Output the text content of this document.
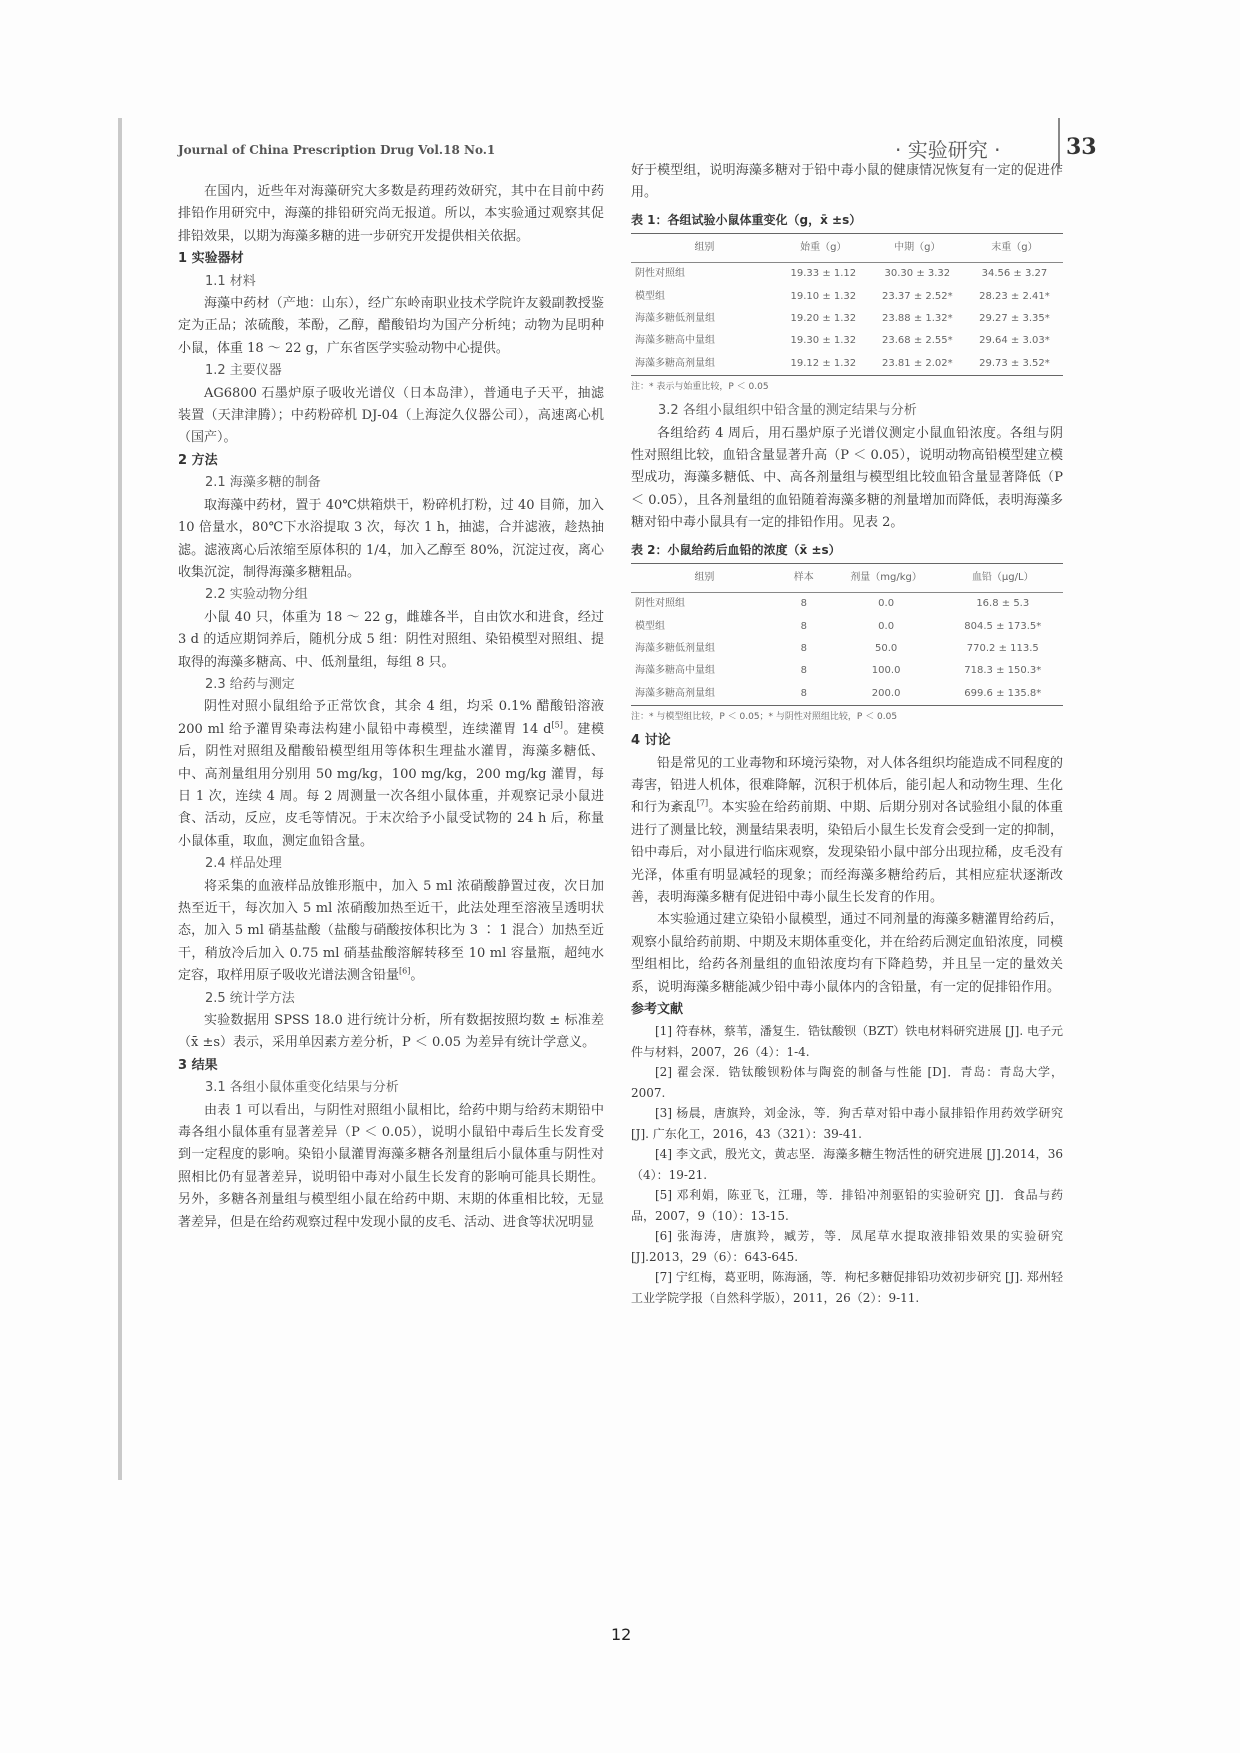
Journal of China Prescription Drug Vol.18 No.1	· 实验研究 ·	33

在国内，近些年对海藻研究大多数是药理药效研究，其中在目前中药排铅作用研究中，海藻的排铅研究尚无报道。所以，本实验通过观察其促排铅效果，以期为海藻多糖的进一步研究开发提供相关依据。

1 实验器材
1.1 材料

海藻中药材（产地：山东），经广东岭南职业技术学院许友毅副教授鉴定为正品；浓硫酸，苯酚，乙醇，醋酸铅均为国产分析纯；动物为昆明种小鼠，体重 18 ～ 22 g，广东省医学实验动物中心提供。

1.2 主要仪器

AG6800 石墨炉原子吸收光谱仪（日本岛津），普通电子天平，抽滤装置（天津津腾）；中药粉碎机 DJ-04（上海淀久仪器公司），高速离心机（国产）。

2 方法
2.1 海藻多糖的制备

取海藻中药材，置于 40℃烘箱烘干，粉碎机打粉，过 40 目筛，加入 10 倍量水，80℃下水浴提取 3 次，每次 1 h，抽滤，合并滤液，趁热抽滤。滤液离心后浓缩至原体积的 1/4，加入乙醇至 80%，沉淀过夜，离心收集沉淀，制得海藻多糖粗品。

2.2 实验动物分组

小鼠 40 只，体重为 18 ～ 22 g，雌雄各半，自由饮水和进食，经过 3 d 的适应期饲养后，随机分成 5 组：阴性对照组、染铅模型对照组、提取得的海藻多糖高、中、低剂量组，每组 8 只。

2.3 给药与测定

阴性对照小鼠组给予正常饮食，其余 4 组，均采 0.1% 醋酸铅溶液 200 ml 给予灌胃染毒法构建小鼠铅中毒模型，连续灌胃 14 d[5]。建模后，阴性对照组及醋酸铅模型组用等体积生理盐水灌胃，海藻多糖低、中、高剂量组用分别用 50 mg/kg，100 mg/kg，200 mg/kg 灌胃，每日 1 次，连续 4 周。每 2 周测量一次各组小鼠体重，并观察记录小鼠进食、活动，反应，皮毛等情况。于末次给予小鼠受试物的 24 h 后，称量小鼠体重，取血，测定血铅含量。

2.4 样品处理

将采集的血液样品放锥形瓶中，加入 5 ml 浓硝酸静置过夜，次日加热至近干，每次加入 5 ml 浓硝酸加热至近干，此法处理至溶液呈透明状态，加入 5 ml 硝基盐酸（盐酸与硝酸按体积比为 3 ∶ 1 混合）加热至近干，稍放冷后加入 0.75 ml 硝基盐酸溶解转移至 10 ml 容量瓶，超纯水定容，取样用原子吸收光谱法测含铅量[6]。

2.5 统计学方法

实验数据用 SPSS 18.0 进行统计分析，所有数据按照均数 ± 标准差（x̄ ±s）表示，采用单因素方差分析，P ＜ 0.05 为差异有统计学意义。

3 结果
3.1 各组小鼠体重变化结果与分析

由表 1 可以看出，与阴性对照组小鼠相比，给药中期与给药末期铅中毒各组小鼠体重有显著差异（P ＜ 0.05），说明小鼠铅中毒后生长发育受到一定程度的影响。染铅小鼠灌胃海藻多糖各剂量组后小鼠体重与阴性对照相比仍有显著差异，说明铅中毒对小鼠生长发育的影响可能具长期性。另外，多糖各剂量组与模型组小鼠在给药中期、末期的体重相比较，无显著差异，但是在给药观察过程中发现小鼠的皮毛、活动、进食等状况明显

好于模型组，说明海藻多糖对于铅中毒小鼠的健康情况恢复有一定的促进作用。

表 1：各组试验小鼠体重变化（g，x̄ ±s）
组别	始重（g）	中期（g）	末重（g）
阴性对照组	19.33 ± 1.12	30.30 ± 3.32	34.56 ± 3.27
模型组	19.10 ± 1.32	23.37 ± 2.52*	28.23 ± 2.41*
海藻多糖低剂量组	19.20 ± 1.32	23.88 ± 1.32*	29.27 ± 3.35*
海藻多糖高中量组	19.30 ± 1.32	23.68 ± 2.55*	29.64 ± 3.03*
海藻多糖高剂量组	19.12 ± 1.32	23.81 ± 2.02*	29.73 ± 3.52*
注：* 表示与始重比较，P ＜ 0.05
3.2 各组小鼠组织中铅含量的测定结果与分析

各组给药 4 周后，用石墨炉原子光谱仪测定小鼠血铅浓度。各组与阴性对照组比较，血铅含量显著升高（P ＜ 0.05），说明动物高铅模型建立模型成功，海藻多糖低、中、高各剂量组与模型组比较血铅含量显著降低（P ＜ 0.05），且各剂量组的血铅随着海藻多糖的剂量增加而降低，表明海藻多糖对铅中毒小鼠具有一定的排铅作用。见表 2。

表 2：小鼠给药后血铅的浓度（x̄ ±s）
组别	样本	剂量（mg/kg）	血铅（μg/L）
阴性对照组	8	0.0	16.8 ± 5.3
模型组	8	0.0	804.5 ± 173.5*
海藻多糖低剂量组	8	50.0	770.2 ± 113.5
海藻多糖高中量组	8	100.0	718.3 ± 150.3*
海藻多糖高剂量组	8	200.0	699.6 ± 135.8*
注：* 与模型组比较，P ＜ 0.05；* 与阴性对照组比较，P ＜ 0.05
4 讨论

铅是常见的工业毒物和环境污染物，对人体各组织均能造成不同程度的毒害，铅进人机体，很难降解，沉积于机体后，能引起人和动物生理、生化和行为紊乱[7]。本实验在给药前期、中期、后期分别对各试验组小鼠的体重进行了测量比较，测量结果表明，染铅后小鼠生长发育会受到一定的抑制，铅中毒后，对小鼠进行临床观察，发现染铅小鼠中部分出现拉稀，皮毛没有光泽，体重有明显减轻的现象；而经海藻多糖给药后，其相应症状逐渐改善，表明海藻多糖有促进铅中毒小鼠生长发育的作用。

本实验通过建立染铅小鼠模型，通过不同剂量的海藻多糖灌胃给药后，观察小鼠给药前期、中期及末期体重变化，并在给药后测定血铅浓度，同模型组相比，给药各剂量组的血铅浓度均有下降趋势，并且呈一定的量效关系，说明海藻多糖能减少铅中毒小鼠体内的含铅量，有一定的促排铅作用。

参考文献

[1] 符春林，蔡苇，潘复生．锆钛酸钡（BZT）铁电材料研究进展 [J]. 电子元件与材料，2007，26（4）：1-4.

[2] 翟会深．锆钛酸钡粉体与陶瓷的制备与性能 [D]．青岛：青岛大学，2007.

[3] 杨晨，唐旗羚，刘金泳，等．狗舌草对铅中毒小鼠排铅作用药效学研究 [J]. 广东化工，2016，43（321）：39-41.

[4] 李文武，殷光文，黄志坚．海藻多糖生物活性的研究进展 [J].2014，36（4）：19-21.

[5] 邓利娟，陈亚飞，江珊，等．排铅冲剂驱铅的实验研究 [J]．食品与药品，2007，9（10）：13-15.

[6] 张海涛，唐旗羚，臧芳，等．凤尾草水提取液排铅效果的实验研究 [J].2013，29（6）：643-645.

[7] 宁红梅，葛亚明，陈海涵，等．枸杞多糖促排铅功效初步研究 [J]. 郑州轻工业学院学报（自然科学版），2011，26（2）：9-11.

12
